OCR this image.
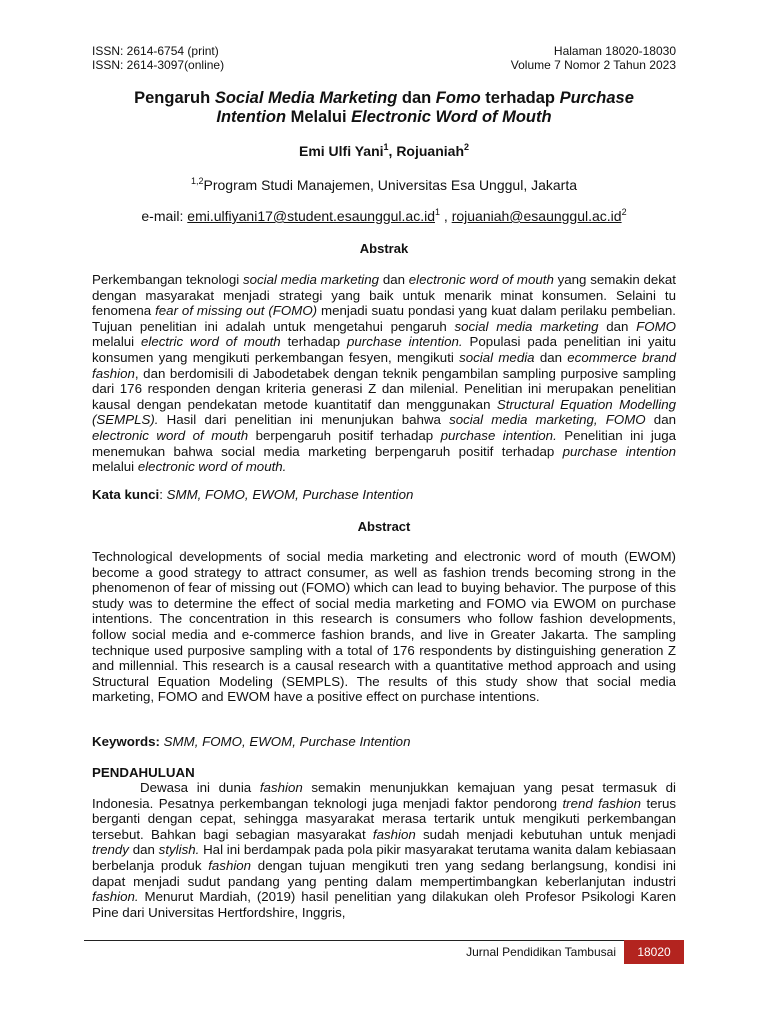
ISSN: 2614-6754 (print)
ISSN: 2614-3097(online)
Halaman 18020-18030
Volume 7 Nomor 2 Tahun 2023
Pengaruh Social Media Marketing dan Fomo terhadap Purchase
Intention Melalui Electronic Word of Mouth
Emi Ulfi Yani$^1$, Rojuaniah$^2$
$^{1,2}$Program Studi Manajemen, Universitas Esa Unggul, Jakarta
e-mail: $emi.ulfiyani17@student.esaunggul.ac.id^1$ , $rojuaniah@esaunggul.ac.id^2$
Abstrak
Perkembangan teknologi social media marketing dan electronic word of mouth yang semakin dekat dengan masyarakat menjadi strategi yang baik untuk menarik minat konsumen. Selaini tu fenomena fear of missing out (FOMO) menjadi suatu pondasi yang kuat dalam perilaku pembelian. Tujuan penelitian ini adalah untuk mengetahui pengaruh social media marketing dan FOMO melalui electric word of mouth terhadap purchase intention. Populasi pada penelitian ini yaitu konsumen yang mengikuti perkembangan fesyen, mengikuti social media dan ecommerce brand fashion, dan berdomisili di Jabodetabek dengan teknik pengambilan sampling purposive sampling dari 176 responden dengan kriteria generasi Z dan milenial. Penelitian ini merupakan penelitian kausal dengan pendekatan metode kuantitatif dan menggunakan Structural Equation Modelling (SEMPLS). Hasil dari penelitian ini menunjukan bahwa social media marketing, FOMO dan electronic word of mouth berpengaruh positif terhadap purchase intention. Penelitian ini juga menemukan bahwa social media marketing berpengaruh positif terhadap purchase intention melalui electronic word of mouth.
Kata kunci: SMM, FOMO, EWOM, Purchase Intention
Abstract
Technological developments of social media marketing and electronic word of mouth (EWOM) become a good strategy to attract consumer, as well as fashion trends becoming strong in the phenomenon of fear of missing out (FOMO) which can lead to buying behavior. The purpose of this study was to determine the effect of social media marketing and FOMO via EWOM on purchase intentions. The concentration in this research is consumers who follow fashion developments, follow social media and e-commerce fashion brands, and live in Greater Jakarta. The sampling technique used purposive sampling with a total of 176 respondents by distinguishing generation Z and millennial. This research is a causal research with a quantitative method approach and using Structural Equation Modeling (SEMPLS). The results of this study show that social media marketing, FOMO and EWOM have a positive effect on purchase intentions.
Keywords: SMM, FOMO, EWOM, Purchase Intention
PENDAHULUAN
Dewasa ini dunia fashion semakin menunjukkan kemajuan yang pesat termasuk di Indonesia. Pesatnya perkembangan teknologi juga menjadi faktor pendorong trend fashion terus berganti dengan cepat, sehingga masyarakat merasa tertarik untuk mengikuti perkembangan tersebut. Bahkan bagi sebagian masyarakat fashion sudah menjadi kebutuhan untuk menjadi trendy dan stylish. Hal ini berdampak pada pola pikir masyarakat terutama wanita dalam kebiasaan berbelanja produk fashion dengan tujuan mengikuti tren yang sedang berlangsung, kondisi ini dapat menjadi sudut pandang yang penting dalam mempertimbangkan keberlanjutan industri fashion. Menurut Mardiah, (2019) hasil penelitian yang dilakukan oleh Profesor Psikologi Karen Pine dari Universitas Hertfordshire, Inggris,
Jurnal Pendidikan Tambusai	18020
